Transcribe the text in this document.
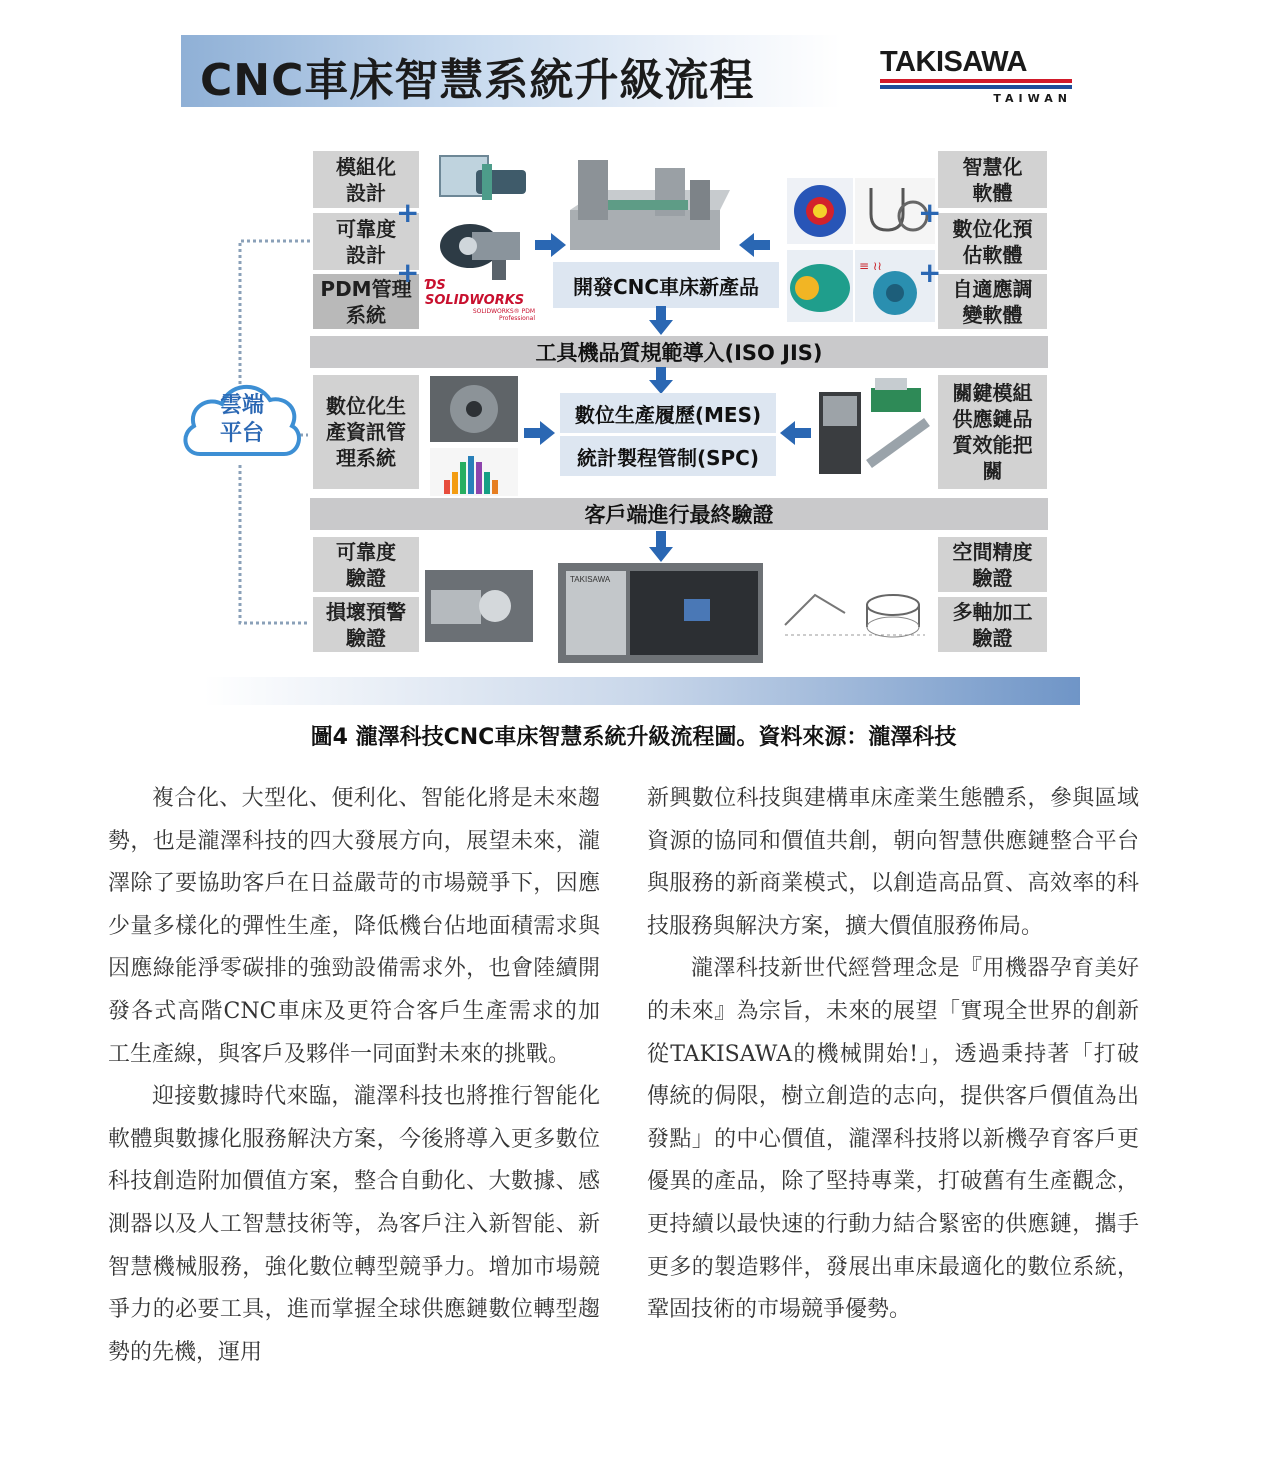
CNC車床智慧系統升級流程	TAKISAWA
TAIWAN
雲端
平台
模組化設計
可靠度設計
PDM管理系統
+
+ ƊS SOLIDWORKS
SOLIDWORKS® PDM
Professional
開發CNC車床新產品
≡ ≀≀
智慧化軟體
數位化預估軟體
自適應調變軟體
+
+
工具機品質規範導入(ISO JIS)
數位化生產資訊管理系統
數位生產履歷(MES)
統計製程管制(SPC)
關鍵模組供應鏈品質效能把關
客戶端進行最終驗證
可靠度驗證
損壞預警驗證
TAKISAWA
空間精度驗證
多軸加工驗證
圖4 瀧澤科技CNC車床智慧系統升級流程圖。資料來源：瀧澤科技

複合化、大型化、便利化、智能化將是未來趨勢，也是瀧澤科技的四大發展方向，展望未來，瀧澤除了要協助客戶在日益嚴苛的市場競爭下，因應少量多樣化的彈性生產，降低機台佔地面積需求與因應綠能淨零碳排的強勁設備需求外，也會陸續開發各式高階CNC車床及更符合客戶生產需求的加工生產線，與客戶及夥伴一同面對未來的挑戰。

迎接數據時代來臨，瀧澤科技也將推行智能化軟體與數據化服務解決方案，今後將導入更多數位科技創造附加價值方案，整合自動化、大數據、感測器以及人工智慧技術等，為客戶注入新智能、新智慧機械服務，強化數位轉型競爭力。增加市場競爭力的必要工具，進而掌握全球供應鏈數位轉型趨勢的先機，運用

新興數位科技與建構車床產業生態體系，參與區域資源的協同和價值共創，朝向智慧供應鏈整合平台與服務的新商業模式，以創造高品質、高效率的科技服務與解決方案，擴大價值服務佈局。

瀧澤科技新世代經營理念是『用機器孕育美好的未來』為宗旨，未來的展望「實現全世界的創新從TAKISAWA的機械開始!」，透過秉持著「打破傳統的侷限，樹立創造的志向，提供客戶價值為出發點」的中心價值，瀧澤科技將以新機孕育客戶更優異的產品，除了堅持專業，打破舊有生產觀念，更持續以最快速的行動力結合緊密的供應鏈，攜手更多的製造夥伴，發展出車床最適化的數位系統，鞏固技術的市場競爭優勢。
